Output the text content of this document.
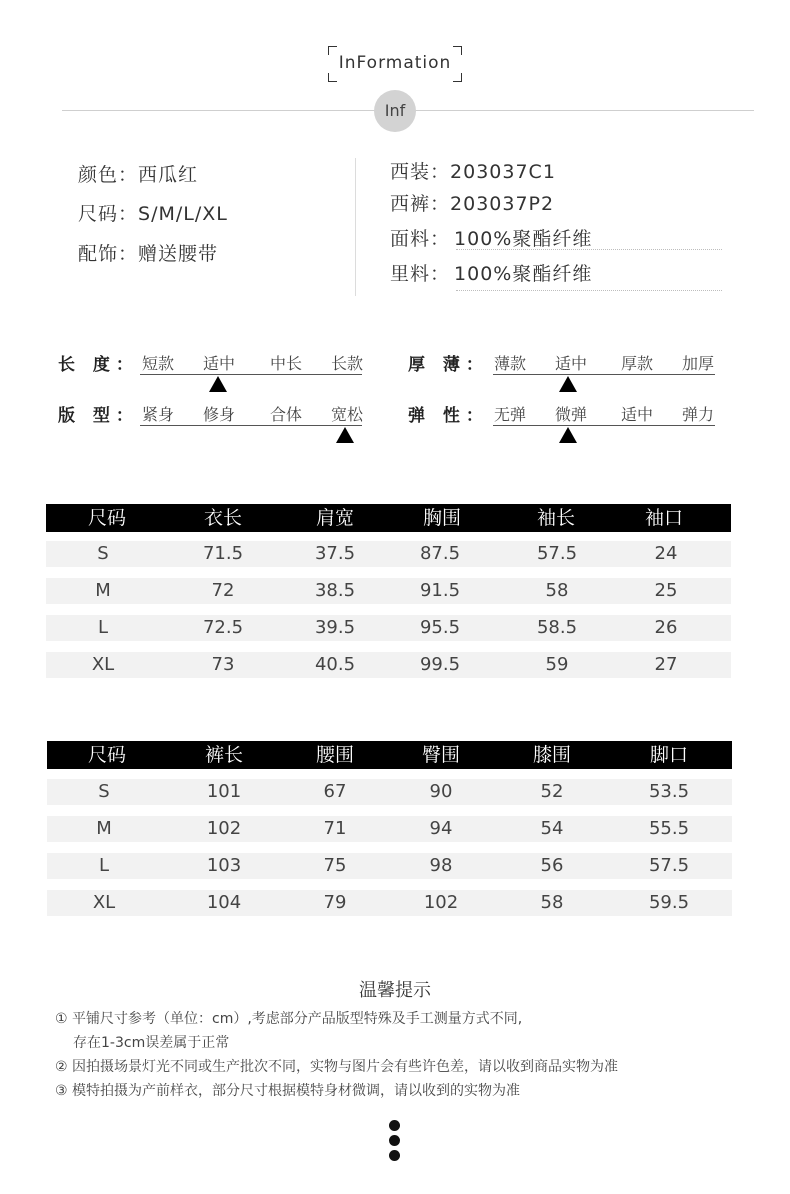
InFormation
Inf
颜色：西瓜红
尺码：S/M/L/XL
配饰：赠送腰带
西装：203037C1
西裤：203037P2
面料： 100%聚酯纤维
里料： 100%聚酯纤维
长 度： 短款	适中	中长	长款
版 型： 紧身	修身	合体	宽松
厚 薄： 薄款	适中	厚款	加厚
弹 性： 无弹	微弹	适中	弹力
尺码	衣长	肩宽	胸围	袖长	袖口
S	71.5	37.5	87.5	57.5	24
M	72	38.5	91.5	58	25
L	72.5	39.5	95.5	58.5	26
XL	73	40.5	99.5	59	27
尺码	裤长	腰围	臀围	膝围	脚口
S	101	67	90	52	53.5
M	102	71	94	54	55.5
L	103	75	98	56	57.5
XL	104	79	102	58	59.5
温馨提示
① 平铺尺寸参考（单位：cm）,考虑部分产品版型特殊及手工测量方式不同,
存在1-3cm误差属于正常
② 因拍摄场景灯光不同或生产批次不同，实物与图片会有些许色差，请以收到商品实物为准
③ 模特拍摄为产前样衣，部分尺寸根据模特身材微调，请以收到的实物为准
